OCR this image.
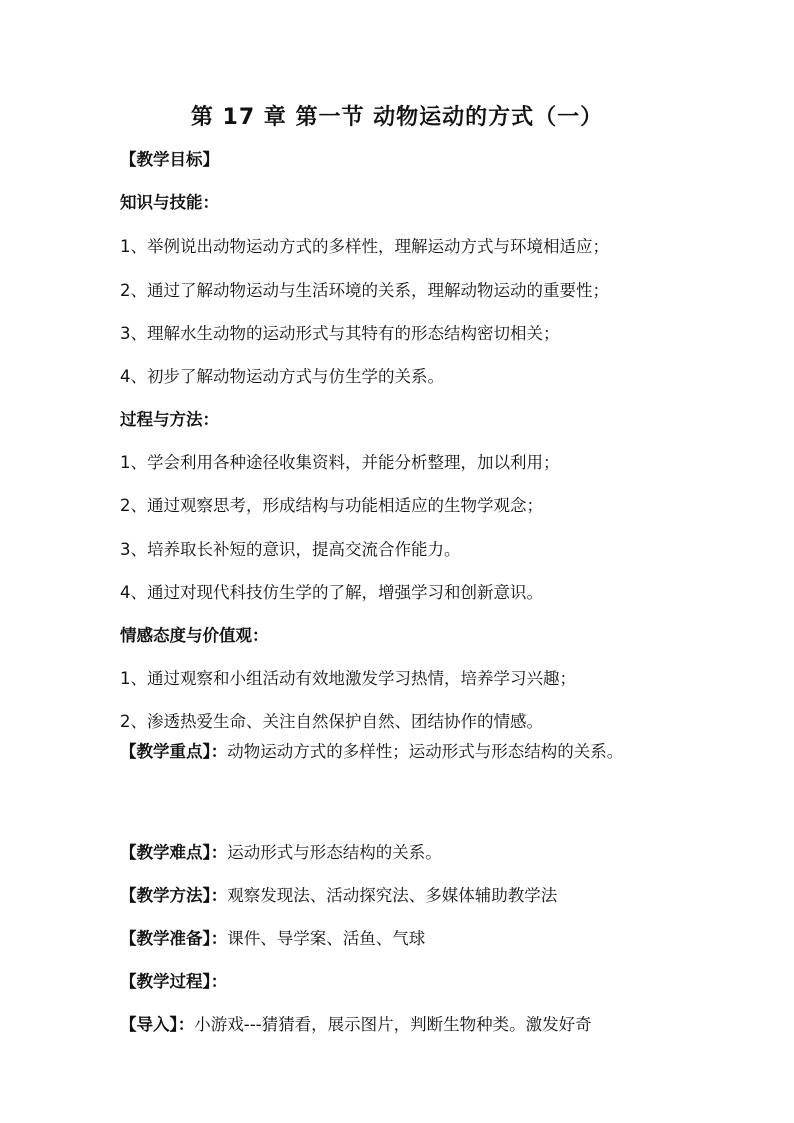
第 17 章 第一节 动物运动的方式（一）
【教学目标】
知识与技能：
1、举例说出动物运动方式的多样性，理解运动方式与环境相适应；
2、通过了解动物运动与生活环境的关系，理解动物运动的重要性；
3、理解水生动物的运动形式与其特有的形态结构密切相关；
4、初步了解动物运动方式与仿生学的关系。
过程与方法：
1、学会利用各种途径收集资料，并能分析整理，加以利用；
2、通过观察思考，形成结构与功能相适应的生物学观念；
3、培养取长补短的意识，提高交流合作能力。
4、通过对现代科技仿生学的了解，增强学习和创新意识。
情感态度与价值观：
1、通过观察和小组活动有效地激发学习热情，培养学习兴趣；
2、渗透热爱生命、关注自然保护自然、团结协作的情感。
【教学重点】：动物运动方式的多样性；运动形式与形态结构的关系。
【教学难点】：运动形式与形态结构的关系。
【教学方法】：观察发现法、活动探究法、多媒体辅助教学法
【教学准备】：课件、导学案、活鱼、气球
【教学过程】：
【导入】：小游戏---猜猜看，展示图片，判断生物种类。激发好奇
